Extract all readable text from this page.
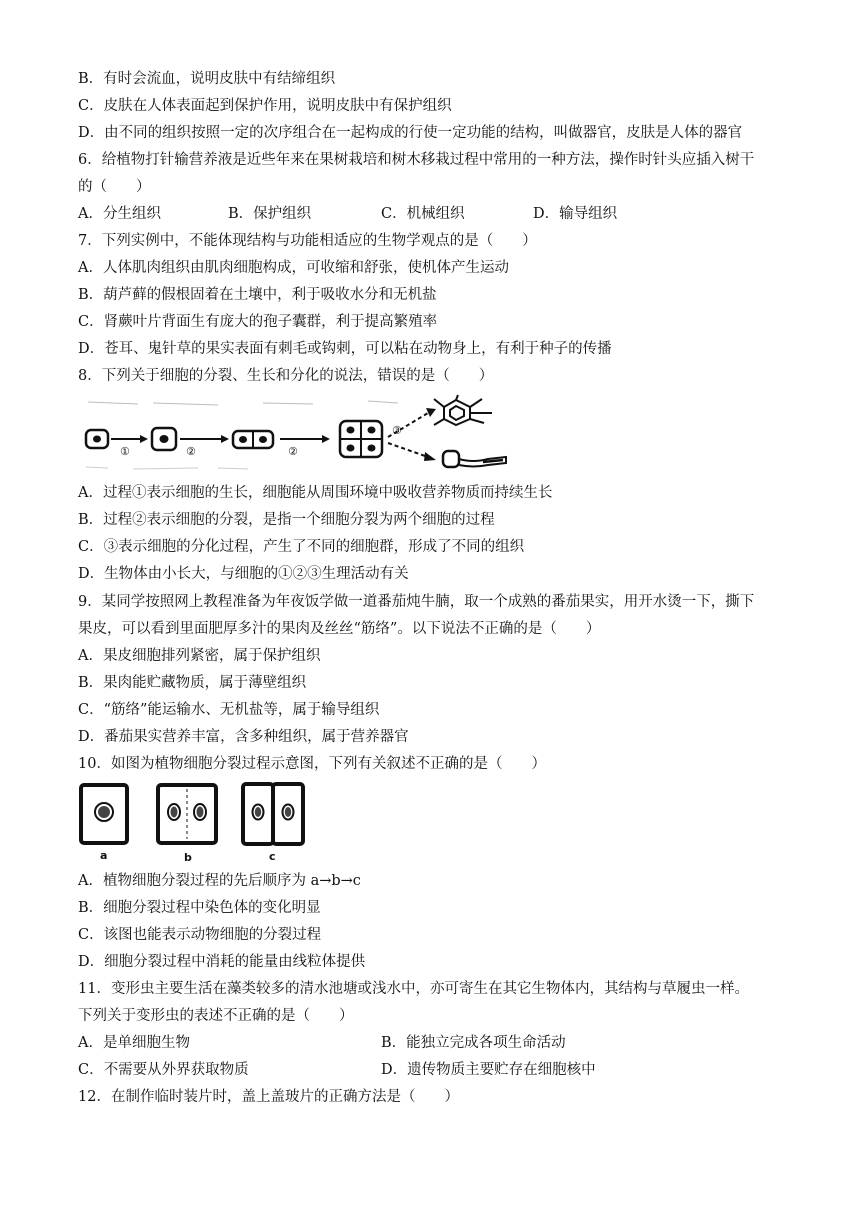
B．有时会流血，说明皮肤中有结缔组织
C．皮肤在人体表面起到保护作用，说明皮肤中有保护组织
D．由不同的组织按照一定的次序组合在一起构成的行使一定功能的结构，叫做器官，皮肤是人体的器官
6．给植物打针输营养液是近些年来在果树栽培和树木移栽过程中常用的一种方法，操作时针头应插入树干
的（　　）
A．分生组织	B．保护组织	C．机械组织	D．输导组织
7．下列实例中，不能体现结构与功能相适应的生物学观点的是（　　）
A．人体肌肉组织由肌肉细胞构成，可收缩和舒张，使机体产生运动
B．葫芦藓的假根固着在土壤中，利于吸收水分和无机盐
C．肾蕨叶片背面生有庞大的孢子囊群，利于提高繁殖率
D．苍耳、鬼针草的果实表面有刺毛或钩刺，可以粘在动物身上，有利于种子的传播
8．下列关于细胞的分裂、生长和分化的说法，错误的是（　　）
①	②	②
③
A．过程①表示细胞的生长，细胞能从周围环境中吸收营养物质而持续生长
B．过程②表示细胞的分裂，是指一个细胞分裂为两个细胞的过程
C．③表示细胞的分化过程，产生了不同的细胞群，形成了不同的组织
D．生物体由小长大，与细胞的①②③生理活动有关
9．某同学按照网上教程准备为年夜饭学做一道番茄炖牛腩，取一个成熟的番茄果实，用开水烫一下，撕下
果皮，可以看到里面肥厚多汁的果肉及丝丝“筋络”。以下说法不正确的是（　　）
A．果皮细胞排列紧密，属于保护组织
B．果肉能贮藏物质，属于薄壁组织
C．“筋络”能运输水、无机盐等，属于输导组织
D．番茄果实营养丰富，含多种组织，属于营养器官
10．如图为植物细胞分裂过程示意图，下列有关叙述不正确的是（　　）
a	b	c
A．植物细胞分裂过程的先后顺序为 a→b→c
B．细胞分裂过程中染色体的变化明显
C．该图也能表示动物细胞的分裂过程
D．细胞分裂过程中消耗的能量由线粒体提供
11．变形虫主要生活在藻类较多的清水池塘或浅水中，亦可寄生在其它生物体内，其结构与草履虫一样。
下列关于变形虫的表述不正确的是（　　）
A．是单细胞生物	B．能独立完成各项生命活动
C．不需要从外界获取物质	D．遗传物质主要贮存在细胞核中
12．在制作临时装片时，盖上盖玻片的正确方法是（　　）
